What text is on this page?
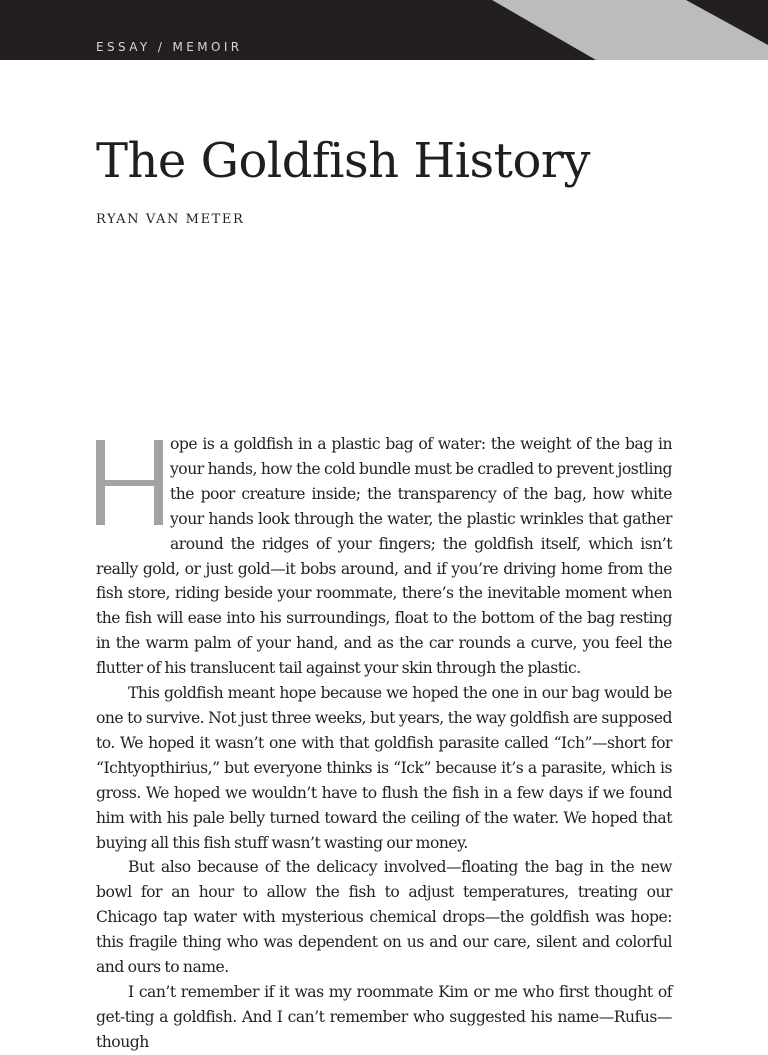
ESSAY / MEMOIR

The Goldfish History

RYAN VAN METER

ope is a goldfish in a plastic bag of water: the weight of the bag in your hands, how the cold bundle must be cradled to prevent jostling the poor creature inside; the transparency of the bag, how white your hands look through the water, the plastic wrinkles that gather around the ridges of your fingers; the goldfish itself, which isn’t really gold, or just gold—it bobs around, and if you’re driving home from the fish store, riding beside your roommate, there’s the inevitable moment when the fish will ease into his surroundings, float to the bottom of the bag resting in the warm palm of your hand, and as the car rounds a curve, you feel the flutter of his translucent tail against your skin through the plastic.

This goldfish meant hope because we hoped the one in our bag would be one to survive. Not just three weeks, but years, the way goldfish are supposed to. We hoped it wasn’t one with that goldfish parasite called “Ich”—short for “Ichtyopthirius,” but everyone thinks is “Ick” because it’s a parasite, which is gross. We hoped we wouldn’t have to flush the fish in a few days if we found him with his pale belly turned toward the ceiling of the water. We hoped that buying all this fish stuff wasn’t wasting our money.

But also because of the delicacy involved—floating the bag in the new bowl for an hour to allow the fish to adjust temperatures, treating our Chicago tap water with mysterious chemical drops—the goldfish was hope: this fragile thing who was dependent on us and our care, silent and colorful and ours to name.

I can’t remember if it was my roommate Kim or me who first thought of get-ting a goldfish. And I can’t remember who suggested his name—Rufus—though
